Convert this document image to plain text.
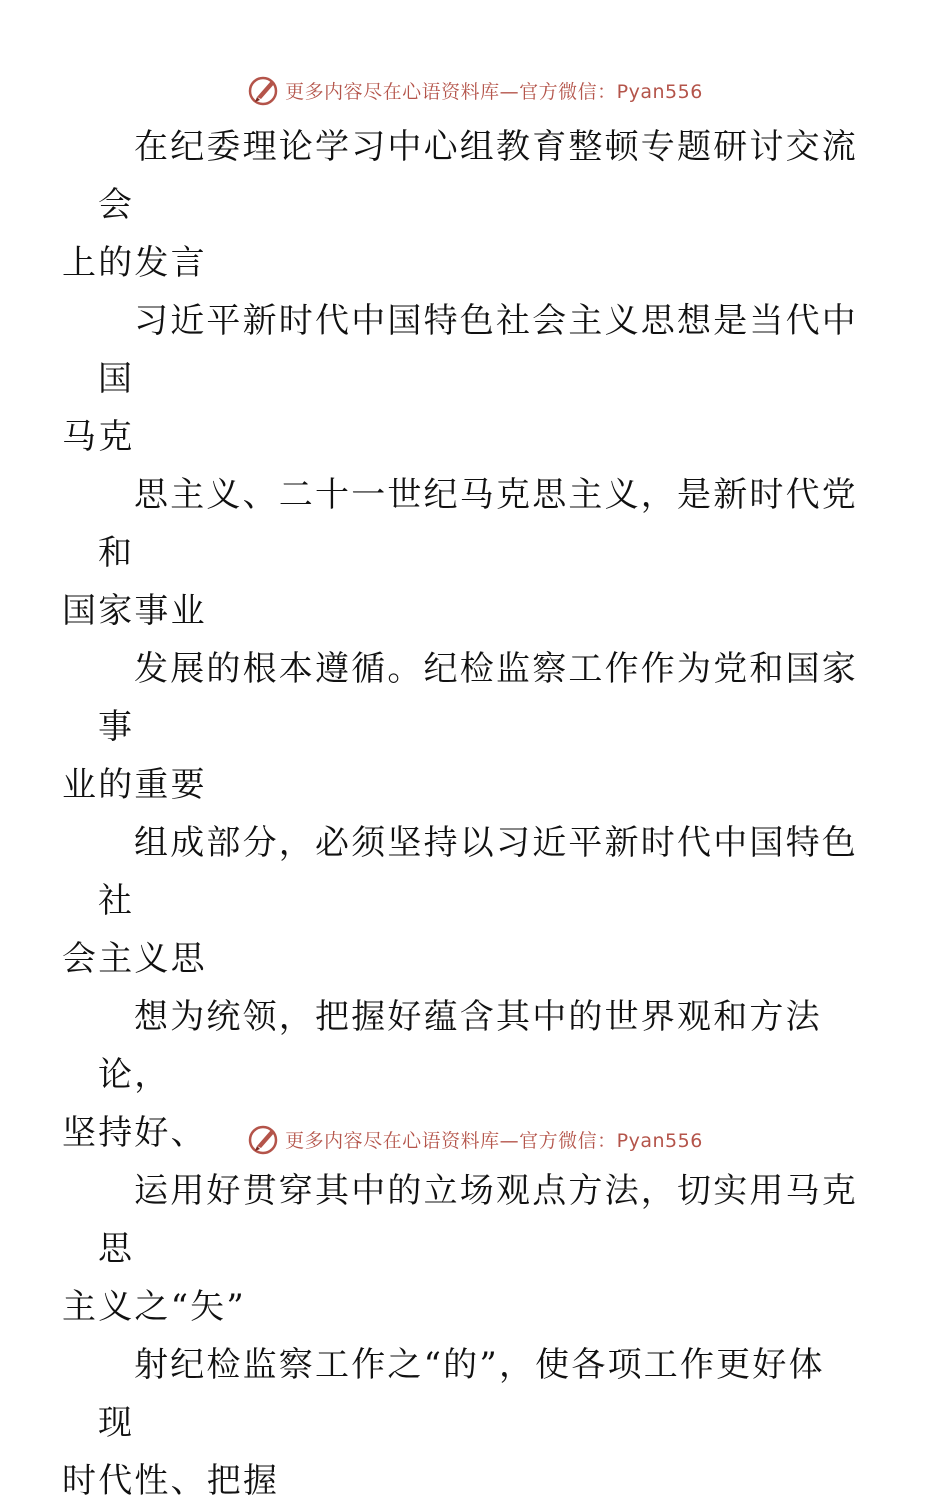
更多内容尽在心语资料库—官方微信：Pyan556

在纪委理论学习中心组教育整顿专题研讨交流会
上的发言

习近平新时代中国特色社会主义思想是当代中国
马克

思主义、二十一世纪马克思主义，是新时代党和
国家事业

发展的根本遵循。纪检监察工作作为党和国家事
业的重要

组成部分，必须坚持以习近平新时代中国特色社
会主义思

想为统领，把握好蕴含其中的世界观和方法论，
坚持好、

运用好贯穿其中的立场观点方法，切实用马克思
主义之“矢”

射纪检监察工作之“的”，使各项工作更好体现
时代性、把握

更多内容尽在心语资料库—官方微信：Pyan556
